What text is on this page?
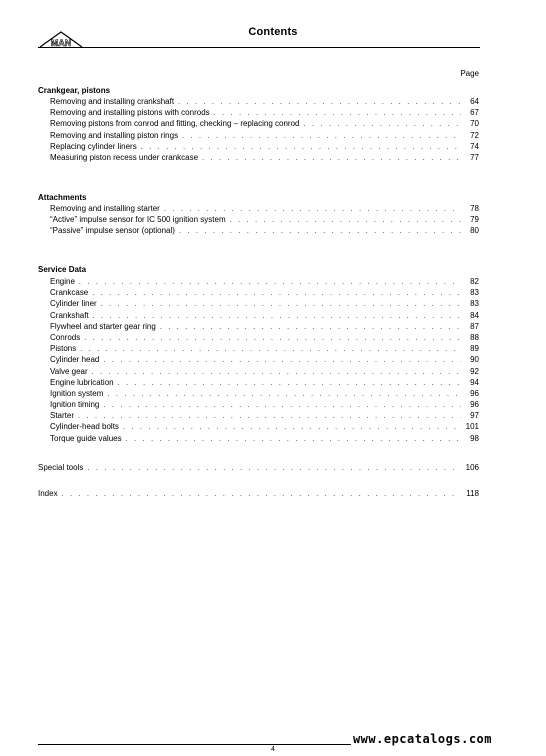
MAN
Contents
Page
Crankgear, pistons
Removing and installing crankshaft . . .	64
Removing and installing pistons with conrods . . .	67
Removing pistons from conrod and fitting, checking – replacing conrod . . .	70
Removing and installing piston rings . . .	72
Replacing cylinder liners . . .	74
Measuring piston recess under crankcase . . .	77
Attachments
Removing and installing starter . . .	78
“Active” impulse sensor for IC 500 ignition system . . .	79
“Passive” impulse sensor (optional) . . .	80
Service Data
Engine . . .	82
Crankcase . . .	83
Cylinder liner . . .	83
Crankshaft . . .	84
Flywheel and starter gear ring . . .	87
Conrods . . .	88
Pistons . . .	89
Cylinder head . . .	90
Valve gear . . .	92
Engine lubrication . . .	94
Ignition system . . .	96
Ignition timing . . .	96
Starter . . .	97
Cylinder-head bolts . . .	101
Torque guide values . . .	98
Special tools . . .	106
Index . . .	118
4
www.epcatalogs.com
